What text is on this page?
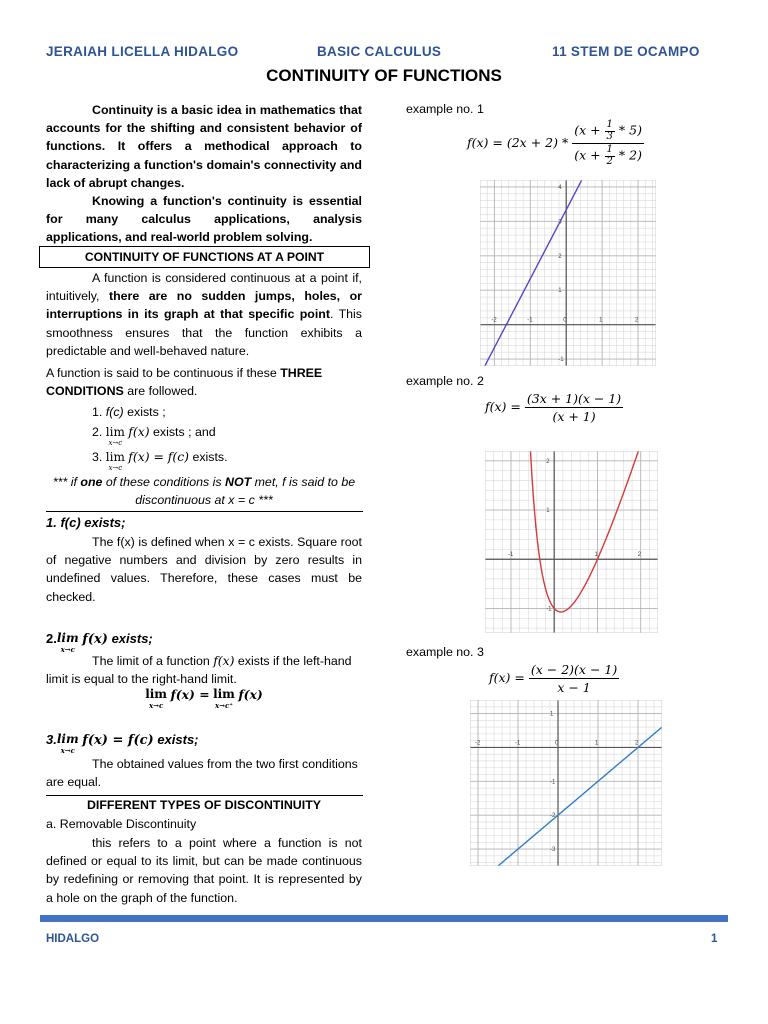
JERAIAH LICELLA HIDALGO	BASIC CALCULUS	11 STEM DE OCAMPO
CONTINUITY OF FUNCTIONS
Continuity is a basic idea in mathematics that accounts for the shifting and consistent behavior of functions. It offers a methodical approach to characterizing a function's domain's connectivity and lack of abrupt changes.
Knowing a function's continuity is essential for many calculus applications, analysis applications, and real-world problem solving.
CONTINUITY OF FUNCTIONS AT A POINT
A function is considered continuous at a point if, intuitively, there are no sudden jumps, holes, or interruptions in its graph at that specific point. This smoothness ensures that the function exhibits a predictable and well-behaved nature.
A function is said to be continuous if these THREE CONDITIONS are followed.
1. f(c) exists ;
2. lim
x→c
f(x) exists ; and
3. lim
x→c
f(x) = f(c) exists.
*** if one of these conditions is NOT met, f is said to be discontinuous at x = c ***
1. f(c) exists;
The f(x) is defined when x = c exists. Square root of negative numbers and division by zero results in undefined values. Therefore, these cases must be checked.
2. lim
x→c
f(x) exists;
The limit of a function f(x) exists if the left-hand limit is equal to the right-hand limit.
lim
x→c
f(x) = lim
x→c⁺
f(x)
3. lim
x→c
f(x) = f(c) exists;
The obtained values from the two first conditions are equal.
DIFFERENT TYPES OF DISCONTINUITY
a. Removable Discontinuity
this refers to a point where a function is not defined or equal to its limit, but can be made continuous by redefining or removing that point. It is represented by a hole on the graph of the function.
example no. 1
$f(x) = (2x + 2) * \frac{(x + \frac{1}{3} * 5)}{(x + \frac{1}{2} * 2)}$
-2	-1	0	1	2
4
3
2
1
-1
example no. 2
$f(x) = \frac{(3x + 1)(x - 1)}{(x + 1)}$
-1	1	2
2
1
-1
example no. 3
$f(x) = \frac{(x - 2)(x - 1)}{x - 1}$
-2	-1	0	1	2
1
-1
-2
-3
HIDALGO	1
